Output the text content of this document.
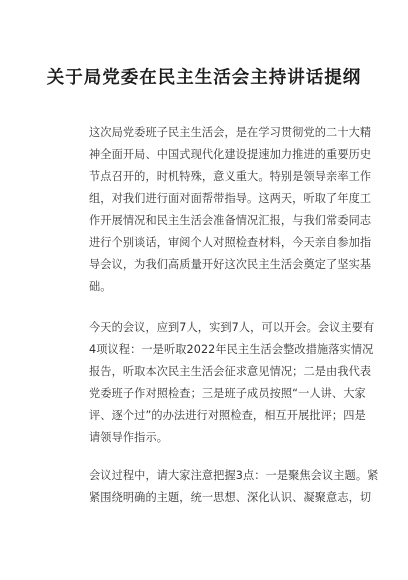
关于局党委在民主生活会主持讲话提纲
这次局党委班子民主生活会，是在学习贯彻党的二十大精
神全面开局、中国式现代化建设提速加力推进的重要历史
节点召开的，时机特殊，意义重大。特别是领导亲率工作
组，对我们进行面对面帮带指导。这两天，听取了年度工
作开展情况和民主生活会准备情况汇报，与我们常委同志
进行个别谈话，审阅个人对照检查材料，今天亲自参加指
导会议，为我们高质量开好这次民主生活会奠定了坚实基
础。
今天的会议，应到7人，实到7人，可以开会。会议主要有
4项议程：一是听取2022年民主生活会整改措施落实情况
报告，听取本次民主生活会征求意见情况；二是由我代表
党委班子作对照检查；三是班子成员按照“一人讲、大家
评、逐个过”的办法进行对照检查，相互开展批评；四是
请领导作指示。
会议过程中，请大家注意把握3点：一是聚焦会议主题。紧
紧围绕明确的主题，统一思想、深化认识、凝聚意志，切
